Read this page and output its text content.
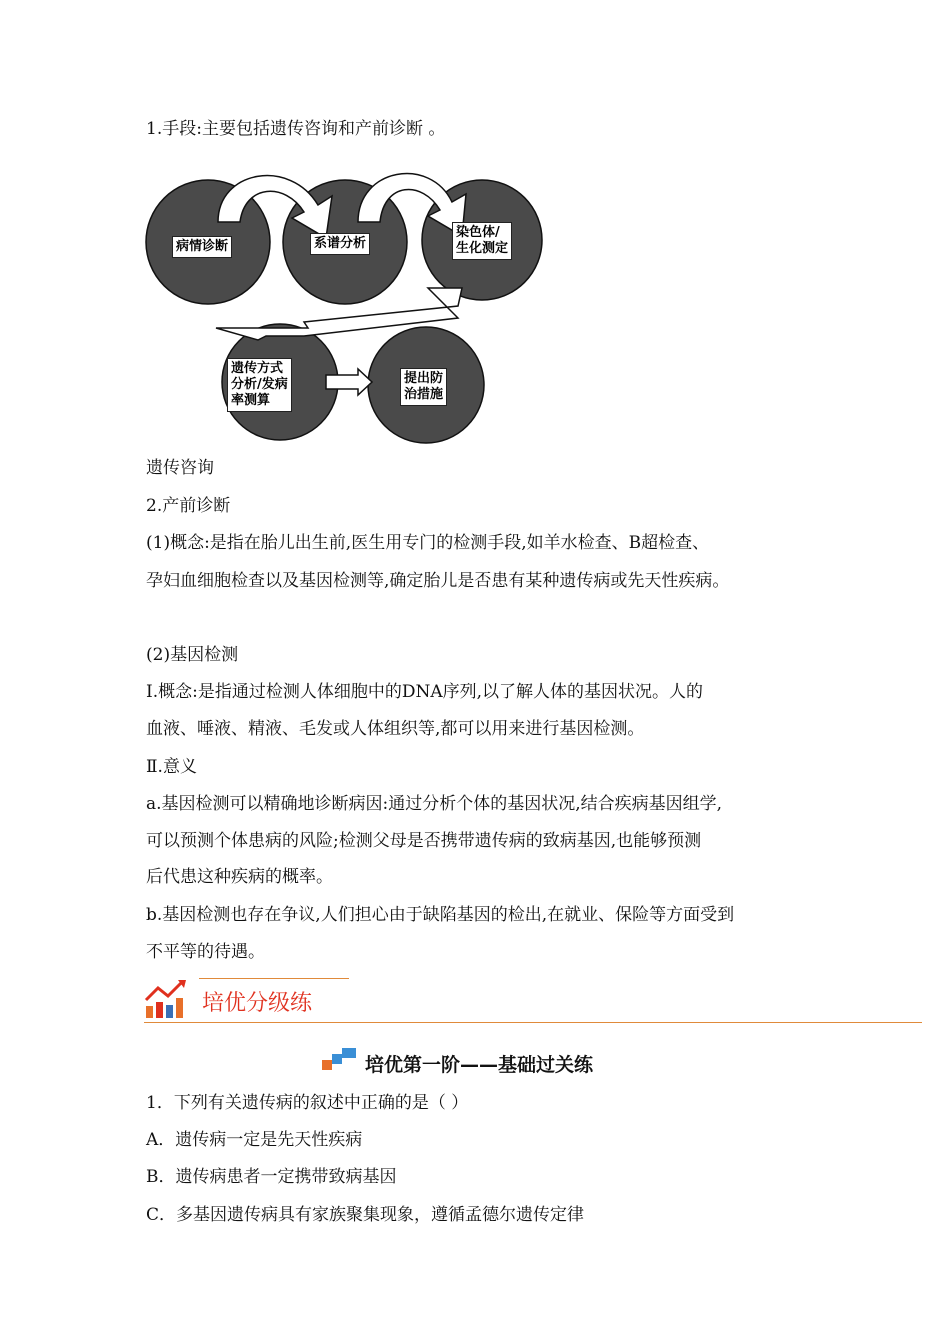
1.手段:主要包括遗传咨询和产前诊断 。
病情诊断	系谱分析
染色体/
生化测定
遗传方式
分析/发病
率测算
提出防
治措施
遗传咨询
2.产前诊断
(1)概念:是指在胎儿出生前,医生用专门的检测手段,如羊水检查、B超检查、
孕妇血细胞检查以及基因检测等,确定胎儿是否患有某种遗传病或先天性疾病。
(2)基因检测
Ⅰ.概念:是指通过检测人体细胞中的DNA序列,以了解人体的基因状况。人的
血液、唾液、精液、毛发或人体组织等,都可以用来进行基因检测。
Ⅱ.意义
a.基因检测可以精确地诊断病因:通过分析个体的基因状况,结合疾病基因组学,
可以预测个体患病的风险;检测父母是否携带遗传病的致病基因,也能够预测
后代患这种疾病的概率。
b.基因检测也存在争议,人们担心由于缺陷基因的检出,在就业、保险等方面受到
不平等的待遇。
培优分级练
培优第一阶——基础过关练
1．下列有关遗传病的叙述中正确的是（ ）
A．遗传病一定是先天性疾病
B．遗传病患者一定携带致病基因
C．多基因遗传病具有家族聚集现象，遵循孟德尔遗传定律
